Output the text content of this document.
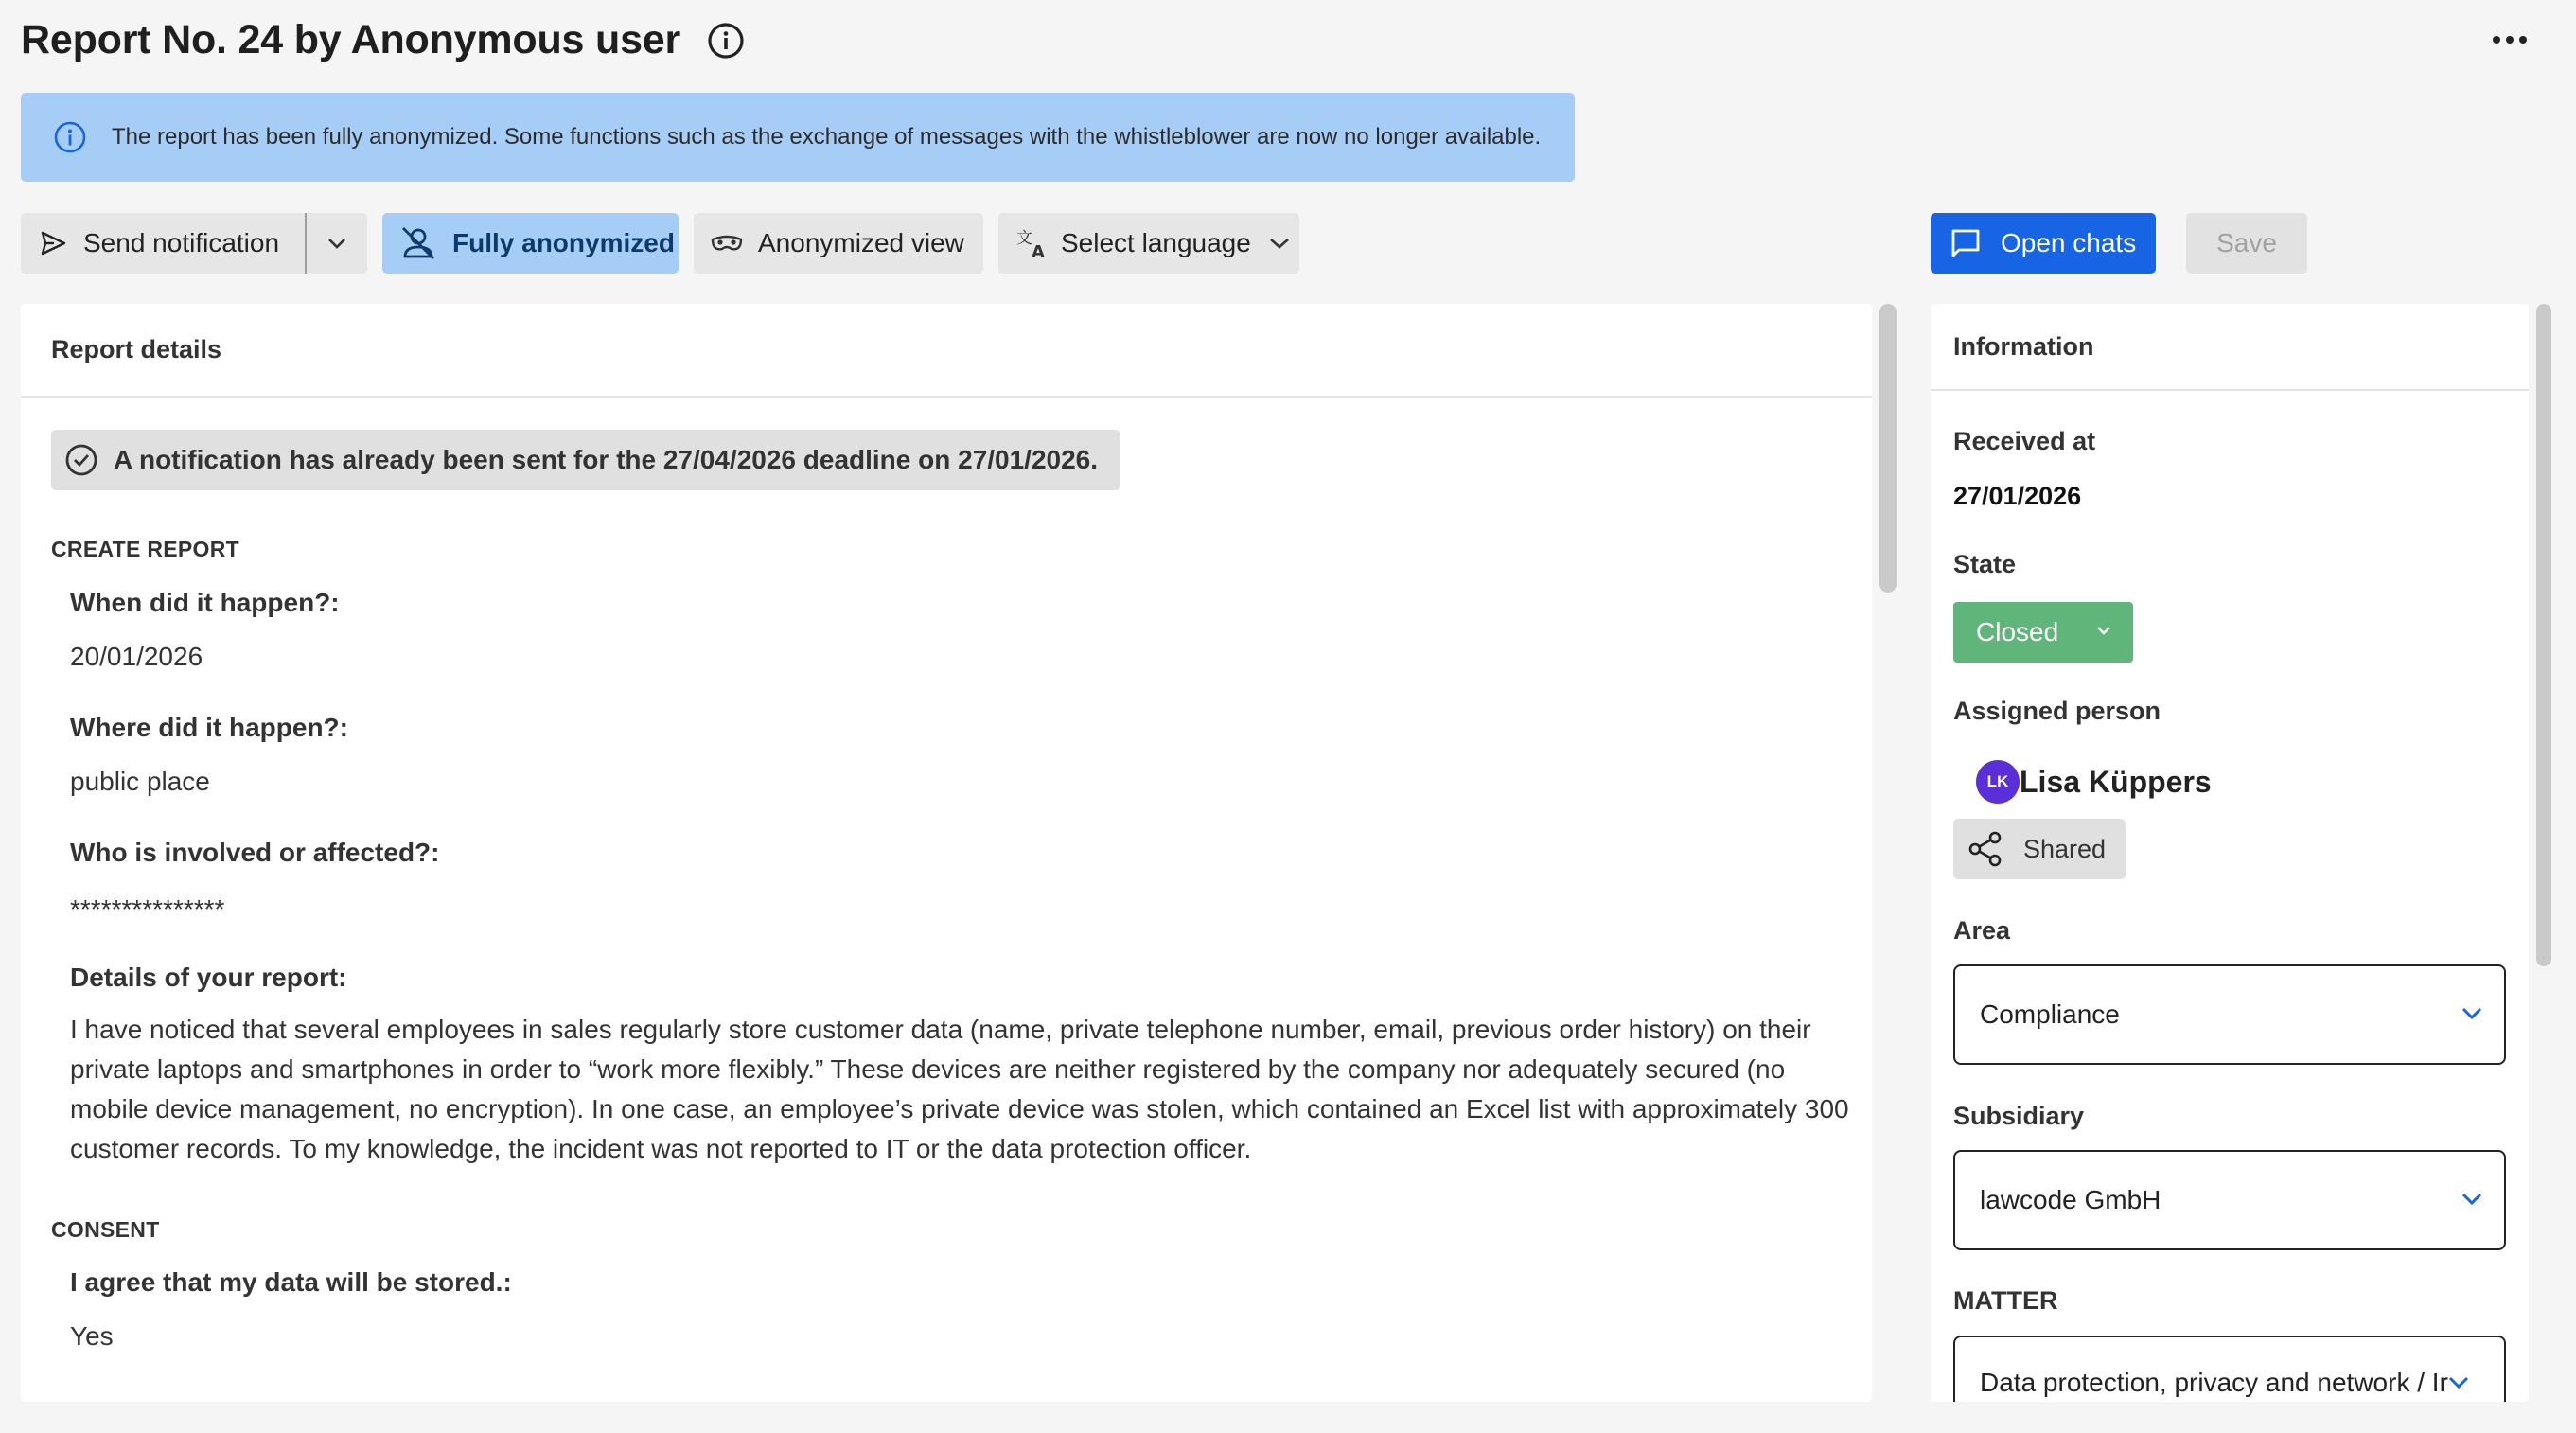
Report No. 24 by Anonymous user
The report has been fully anonymized. Some functions such as the exchange of messages with the whistleblower are now no longer available.
Send notification	Fully anonymized	Anonymized view	文
A Select language	Open chats	Save
Report details
A notification has already been sent for the 27/04/2026 deadline on 27/01/2026.
CREATE REPORT
When did it happen?:
20/01/2026
Where did it happen?:
public place
Who is involved or affected?:
***************
Details of your report:
I have noticed that several employees in sales regularly store customer data (name, private telephone number, email, previous order history) on their private laptops and smartphones in order to “work more flexibly.” These devices are neither registered by the company nor adequately secured (no mobile device management, no encryption). In one case, an employee’s private device was stolen, which contained an Excel list with approximately 300 customer records. To my knowledge, the incident was not reported to IT or the data protection officer.
CONSENT
I agree that my data will be stored.:
Yes
Information
Received at
27/01/2026
State
Closed
Assigned person
LK Lisa Küppers
Shared
Area
Compliance
Subsidiary
lawcode GmbH
MATTER
Data protection, privacy and network / Ir
